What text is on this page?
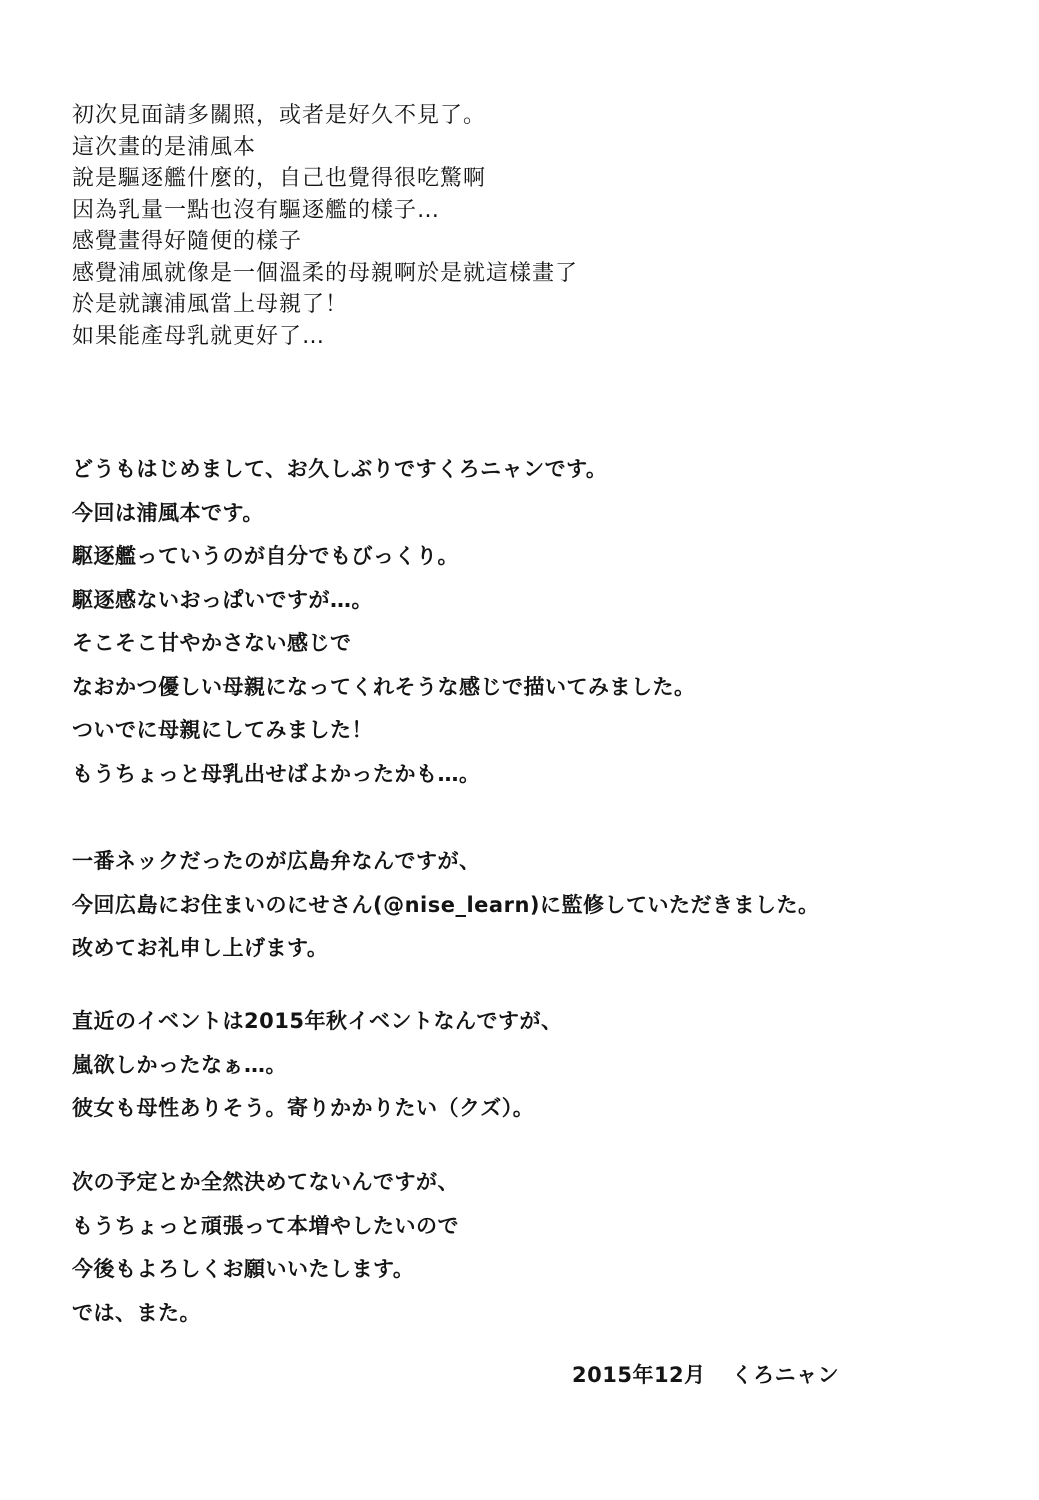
初次見面請多關照，或者是好久不見了。
這次畫的是浦風本
說是驅逐艦什麼的，自己也覺得很吃驚啊
因為乳量一點也沒有驅逐艦的樣子…
感覺畫得好隨便的樣子
感覺浦風就像是一個溫柔的母親啊於是就這樣畫了
於是就讓浦風當上母親了！
如果能產母乳就更好了…
どうもはじめまして、お久しぶりですくろニャンです。
今回は浦風本です。
駆逐艦っていうのが自分でもびっくり。
駆逐感ないおっぱいですが…。
そこそこ甘やかさない感じで
なおかつ優しい母親になってくれそうな感じで描いてみました。
ついでに母親にしてみました！
もうちょっと母乳出せばよかったかも…。
一番ネックだったのが広島弁なんですが、
今回広島にお住まいのにせさん(@nise_learn)に監修していただきました。
改めてお礼申し上げます。
直近のイベントは2015年秋イベントなんですが、
嵐欲しかったなぁ…。
彼女も母性ありそう。寄りかかりたい（クズ）。
次の予定とか全然決めてないんですが、
もうちょっと頑張って本増やしたいので
今後もよろしくお願いいたします。
では、また。
2015年12月 くろニャン
